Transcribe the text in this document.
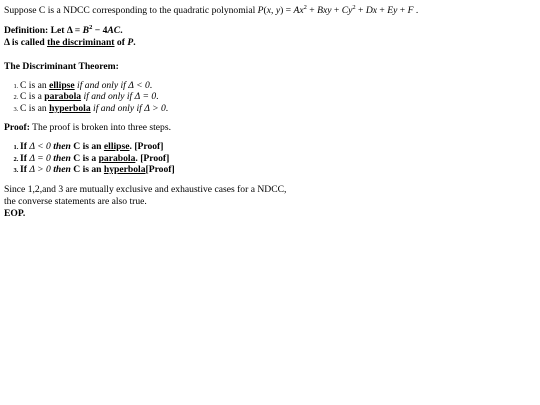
Suppose C is a NDCC corresponding to the quadratic polynomial P(x, $y) = Ax^2$ + Bxy + $Cy^2 + Dx + Ey + F$ .

Definition: Let $\Delta = B^2 - 4AC$.
Δ is called the discriminant of P.
The Discriminant Theorem:
1. C is an ellipse if and only if Δ < 0.
2. C is a parabola if and only if Δ = 0.
3. C is an hyperbola if and only if Δ > 0.

Proof: The proof is broken into three steps.

1. If Δ < 0 then C is an ellipse. [Proof]
2. If Δ = 0 then C is a parabola. [Proof]
3. If Δ > 0 then C is an hyperbola[Proof]

Since 1,2,and 3 are mutually exclusive and exhaustive cases for a NDCC,
the converse statements are also true.
EOP.
